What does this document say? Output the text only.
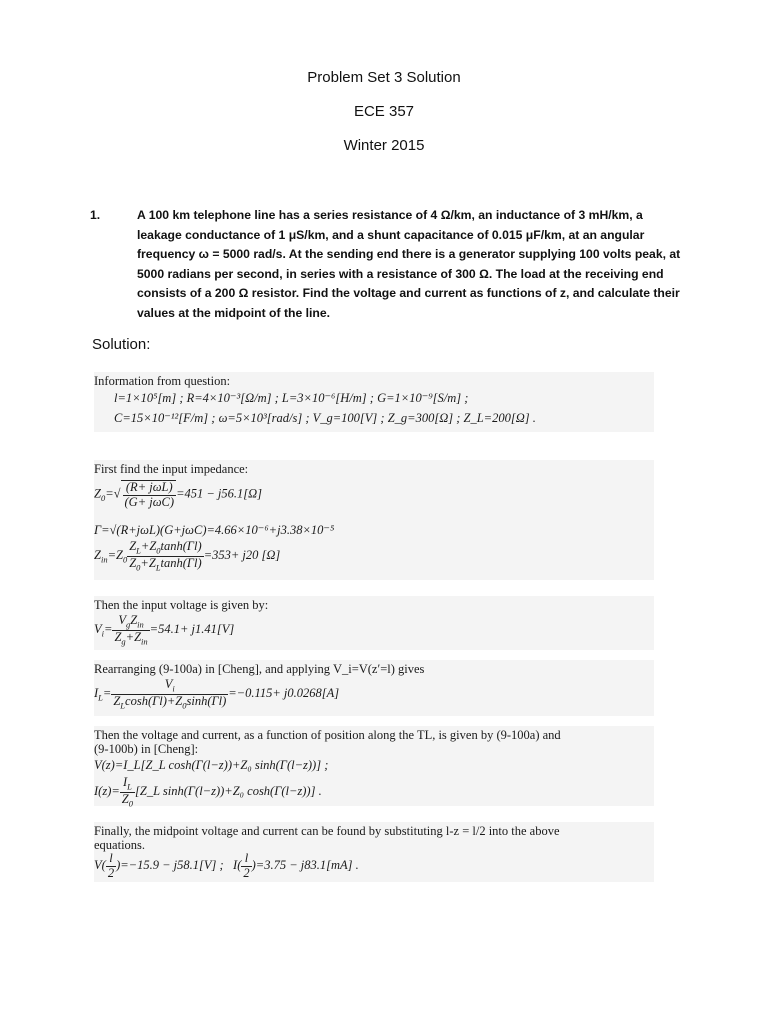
Problem Set 3 Solution
ECE 357
Winter 2015
1.	A 100 km telephone line has a series resistance of 4 Ω/km, an inductance of 3 mH/km, a leakage conductance of 1 μS/km, and a shunt capacitance of 0.015 μF/km, at an angular frequency ω = 5000 rad/s. At the sending end there is a generator supplying 100 volts peak, at 5000 radians per second, in series with a resistance of 300 Ω. The load at the receiving end consists of a 200 Ω resistor. Find the voltage and current as functions of z, and calculate their values at the midpoint of the line.
Solution:
Information from question:
l=1×10⁵[m] ; R=4×10⁻³[Ω/m] ; L=3×10⁻⁶[H/m] ; G=1×10⁻⁹[S/m] ;
C=15×10⁻¹²[F/m] ; ω=5×10³[rad/s] ; V_g=100[V] ; Z_g=300[Ω] ; Z_L=200[Ω] .
First find the input impedance:
$Z_0=√ \frac{\text{(R+ jωL)}}{\text{(G+ jωC)}} =451 - j56.1[\Omega]$
Γ=√(R+jωL)(G+jωC)=4.66×10⁻⁶+j3.38×10⁻⁵
$Z_{in}=Z_0 \frac{Z_L+Z_0\tanh(\Gamma l)}{Z_0+Z_L\tanh(\Gamma l)} =353+ j20$ [Ω]
Then the input voltage is given by:
$V_i= \frac{V_gZ_{in}}{Z_g+Z_{in}} =54.1+ j1.41[V]$
Rearranging (9-100a) in [Cheng], and applying V_i=V(z′=l) gives
$I_L= \frac{V_i}{Z_L\cosh(\Gamma l)+Z_0\sinh(\Gamma l)} =-0.115+ j0.0268[A]$
Then the voltage and current, as a function of position along the TL, is given by (9-100a) and
(9-100b) in [Cheng]:
V(z)=I_L[Z_L cosh(Γ(l−z))+Z₀ sinh(Γ(l−z))] ;
$I(z)= \frac{I_L}{Z_0}$ [Z_L sinh(Γ(l−z))+Z₀ cosh(Γ(l−z))] .
Finally, the midpoint voltage and current can be found by substituting l-z = l/2 into the above
equations.
$V( \frac{l}{2} )=-15.9 - j58.1[V]$ ;   $I( \frac{l}{2} )=3.75 - j83.1[mA]$ .
